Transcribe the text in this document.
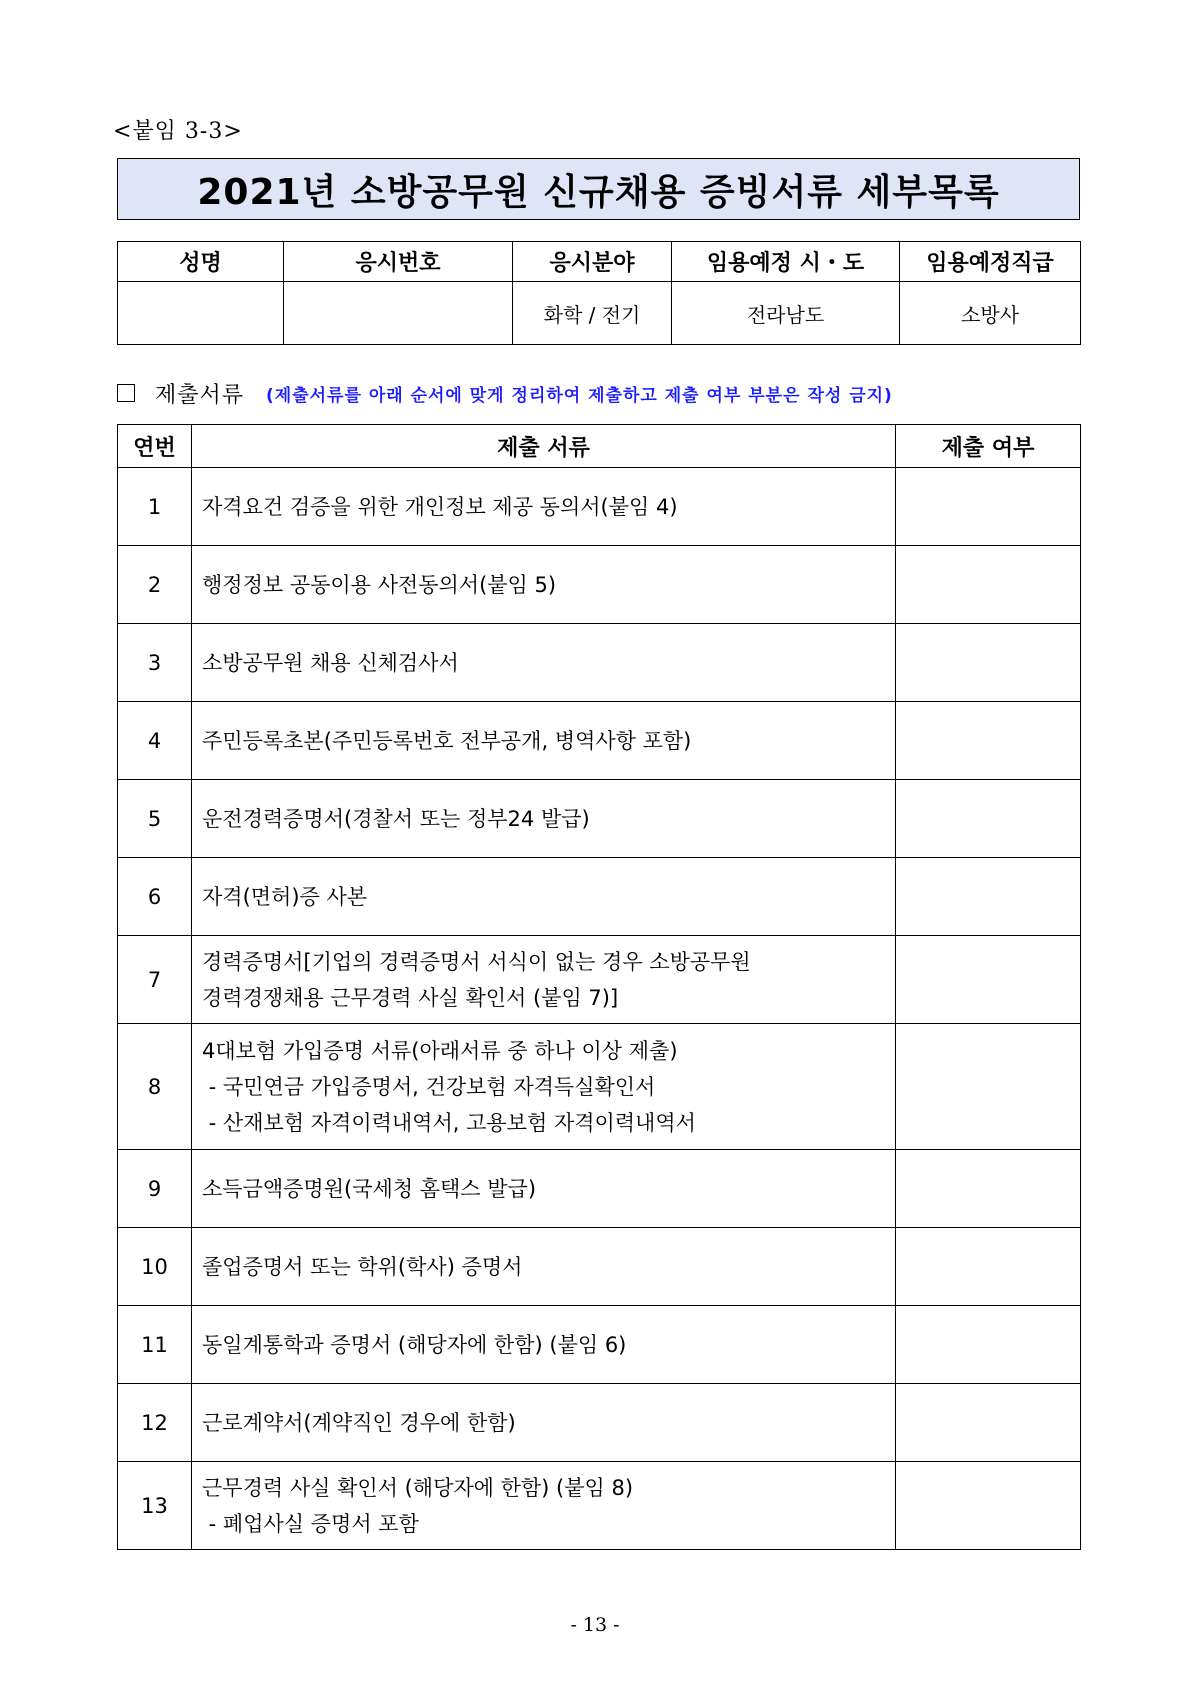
<붙임 3-3>
2021년 소방공무원 신규채용 증빙서류 세부목록
성명	응시번호	응시분야	임용예정 시・도	임용예정직급
		화학 / 전기	전라남도	소방사
제출서류 (제출서류를 아래 순서에 맞게 정리하여 제출하고 제출 여부 부분은 작성 금지)
연번	제출 서류	제출 여부
1	자격요건 검증을 위한 개인정보 제공 동의서(붙임 4)	

2	행정정보 공동이용 사전동의서(붙임 5)	

3	소방공무원 채용 신체검사서	

4	주민등록초본(주민등록번호 전부공개, 병역사항 포함)	

5	운전경력증명서(경찰서 또는 정부24 발급)	

6	자격(면허)증 사본	

7	경력증명서[기업의 경력증명서 서식이 없는 경우 소방공무원
경력경쟁채용 근무경력 사실 확인서 (붙임 7)]	

8	4대보험 가입증명 서류(아래서류 중 하나 이상 제출)
- 국민연금 가입증명서, 건강보험 자격득실확인서
- 산재보험 자격이력내역서, 고용보험 자격이력내역서	

9	소득금액증명원(국세청 홈택스 발급)	

10	졸업증명서 또는 학위(학사) 증명서	

11	동일계통학과 증명서 (해당자에 한함) (붙임 6)	

12	근로계약서(계약직인 경우에 한함)	

13	근무경력 사실 확인서 (해당자에 한함) (붙임 8)
- 폐업사실 증명서 포함	

- 13 -
